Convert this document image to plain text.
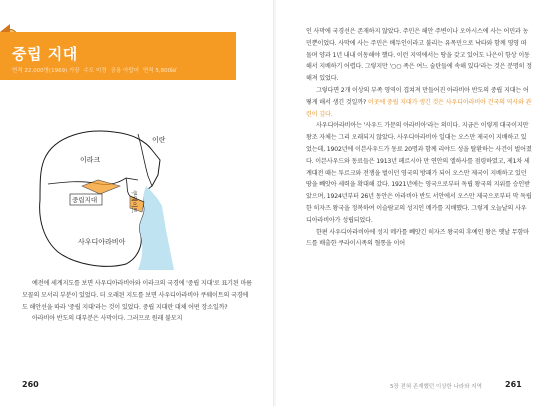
중립 지대
면적 22,000명(1969) 가장 수도 미정 공용 아랍어 면적 5,800㎢
이라크
이란
쿠웨이트
중립지대
사우디아라비아

예전에 세계지도를 보면 사우디아라비아와 이라크의 국경에 '중립 지대'로 표기된 마름모꼴의 모서리 부분이 있었다. 더 오래된 지도를 보면 사우디아라비아 쿠웨이트의 국경에도 해안선을 따라 '중립 지대'라는 것이 있었다. 중립 지대란 대체 어떤 장소일까?

아라비아 반도의 대부분은 사막이다. 그러므로 원래 불모지

260

인 사막에 국경선은 존재하지 않았다. 주민은 해안 주변이나 오아시스에 사는 어민과 농민뿐이었다. 사막에 사는 주민은 베두인이라고 불리는 유목민으로 낙타와 함께 영영 떠돌며 양과 1년 내내 이동해야 했다. 이런 지역에서는 땅을 갖고 있어도 나은이 항상 이동해서 지배하기 어렵다. 그렇지만 '○○ 족은 여느 술탄들에 속해 있다'라는 것은 분명히 정해져 있었다.

그렇다면 2개 이상의 부족 영역이 겹쳐져 만들어진 아라비아 반도의 중립 지대는 어떻게 해서 생긴 것일까? 이곳에 중립 지대가 생긴 것은 사우디아라비아 건국의 역사와 관련이 깊다.

사우디아라비아는 '사우드 가문의 아라비아'라는 의미다. 지금은 이렇게 대국이지만 왕조 자체는 그리 오래되지 않았다. 사우디아라비아 일대는 오스만 제국이 지배하고 있었는데, 1902년에 이븐사우드가 동료 20명과 함께 리야드 성을 탈환하는 사건이 벌어졌다. 이븐사우드와 동료들은 1913년 페르시아 만 연안의 엘하사를 점령하였고, 제1차 세계대전 때는 투르크와 전쟁을 벌이던 영국의 방패가 되어 오스만 제국이 지배하고 있던 땅을 빼앗아 세력을 확대해 갔다. 1921년에는 영국으로부터 독립 왕국의 지위를 승인받았으며, 1924년부터 26년 동안은 아라비아 반도 서안에서 오스만 제국으로부터 막 독립한 히자즈 왕국을 정복하여 이슬람교의 성지인 메카를 지배했다. 그렇게 오늘날의 사우디아라비아가 성립되었다.

한편 사우디아라비아에 성지 메카를 빼앗긴 히자즈 왕국의 후예인 왕은 옛날 무함마드를 배출한 쿠라이시족의 혈통을 이어

5장 전혀 존재했던 이상한 나라와 지역	261
